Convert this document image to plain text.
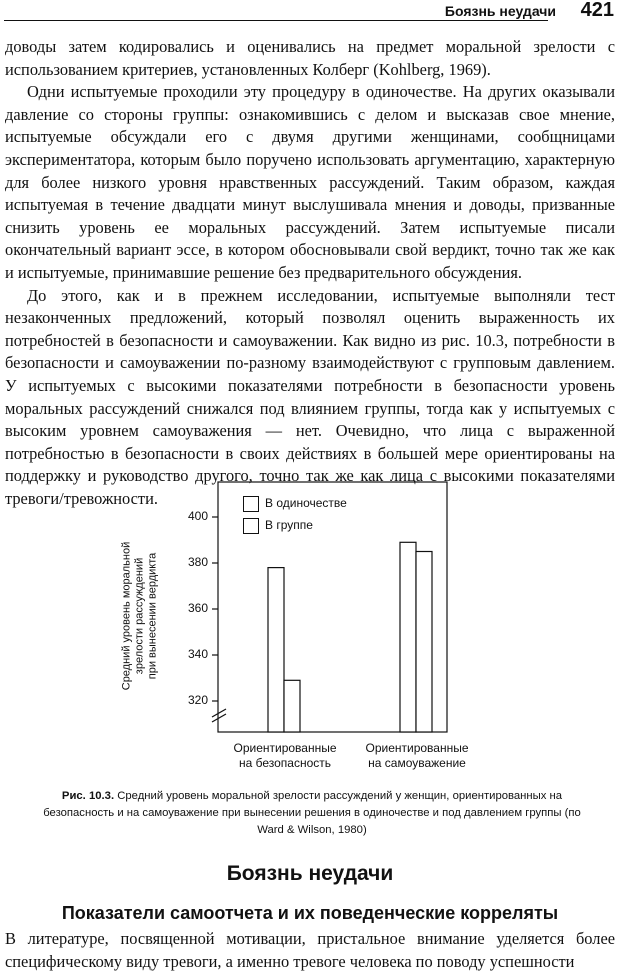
Боязнь неудачи 421

доводы затем кодировались и оценивались на предмет моральной зрелости с использованием критериев, установленных Колберг (Kohlberg, 1969).

Одни испытуемые проходили эту процедуру в одиночестве. На других оказывали давление со стороны группы: ознакомившись с делом и высказав свое мнение, испытуемые обсуждали его с двумя другими женщинами, сообщницами экспериментатора, которым было поручено использовать аргументацию, характерную для более низкого уровня нравственных рассуждений. Таким образом, каждая испытуемая в течение двадцати минут выслушивала мнения и доводы, призванные снизить уровень ее моральных рассуждений. Затем испытуемые писали окончательный вариант эссе, в котором обосновывали свой вердикт, точно так же как и испытуемые, принимавшие решение без предварительного обсуждения.

До этого, как и в прежнем исследовании, испытуемые выполняли тест незаконченных предложений, который позволял оценить выраженность их потребностей в безопасности и самоуважении. Как видно из рис. 10.3, потребности в безопасности и самоуважении по-разному взаимодействуют с групповым давлением. У испытуемых с высокими показателями потребности в безопасности уровень моральных рассуждений снижался под влиянием группы, тогда как у испытуемых с высоким уровнем самоуважения — нет. Очевидно, что лица с выраженной потребностью в безопасности в своих действиях в большей мере ориентированы на поддержку и руководство другого, точно так же как лица с высокими показателями тревоги/тревожности.

Средний уровень моральной зрелости рассуждений при вынесении вердикта
320
340
360
380
400
В одиночестве
В группе
Ориентированные
на безопасность
Ориентированные
на самоуважение
Рис. 10.3. Средний уровень моральной зрелости рассуждений у женщин, ориентированных на безопасность и на самоуважение при вынесении решения в одиночестве и под давлением группы (по Ward & Wilson, 1980)
Боязнь неудачи
Показатели самоотчета и их поведенческие корреляты
В литературе, посвященной мотивации, пристальное внимание уделяется более специфическому виду тревоги, а именно тревоге человека по поводу успешности
